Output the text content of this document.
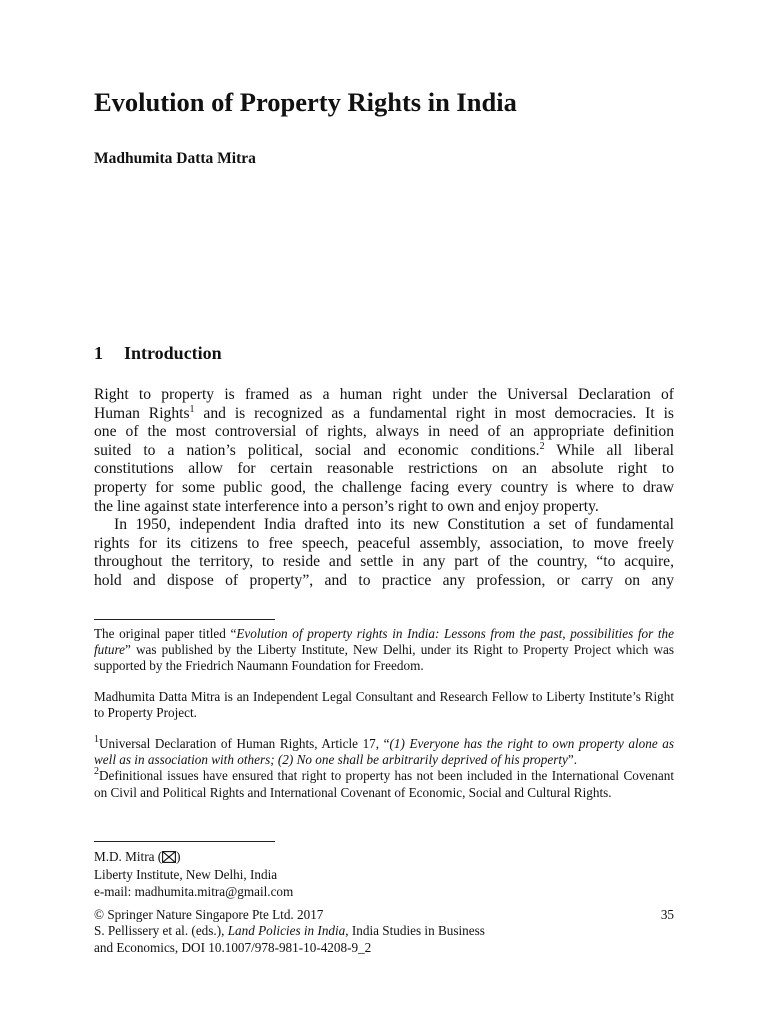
Evolution of Property Rights in India
Madhumita Datta Mitra
1 Introduction

Right to property is framed as a human right under the Universal Declaration of

Human Rights$^1$ and is recognized as a fundamental right in most democracies. It is

one of the most controversial of rights, always in need of an appropriate definition

suited to a nation’s political, social and economic conditions.$^2$ While all liberal

constitutions allow for certain reasonable restrictions on an absolute right to

property for some public good, the challenge facing every country is where to draw

the line against state interference into a person’s right to own and enjoy property.

In 1950, independent India drafted into its new Constitution a set of fundamental

rights for its citizens to free speech, peaceful assembly, association, to move freely

throughout the territory, to reside and settle in any part of the country, “to acquire,

hold and dispose of property”, and to practice any profession, or carry on any

The original paper titled “Evolution of property rights in India: Lessons from the past, possibilities for the future” was published by the Liberty Institute, New Delhi, under its Right to Property Project which was supported by the Friedrich Naumann Foundation for Freedom.

Madhumita Datta Mitra is an Independent Legal Consultant and Research Fellow to Liberty Institute’s Right to Property Project.

$^1$Universal Declaration of Human Rights, Article 17, “(1) Everyone has the right to own property alone as well as in association with others; (2) No one shall be arbitrarily deprived of his property”.

$^2$Definitional issues have ensured that right to property has not been included in the International Covenant on Civil and Political Rights and International Covenant of Economic, Social and Cultural Rights.

M.D. Mitra ( )
Liberty Institute, New Delhi, India
e-mail: madhumita.mitra@gmail.com
© Springer Nature Singapore Pte Ltd. 2017
S. Pellissery et al. (eds.), Land Policies in India, India Studies in Business
and Economics, DOI 10.1007/978-981-10-4208-9_2
35
